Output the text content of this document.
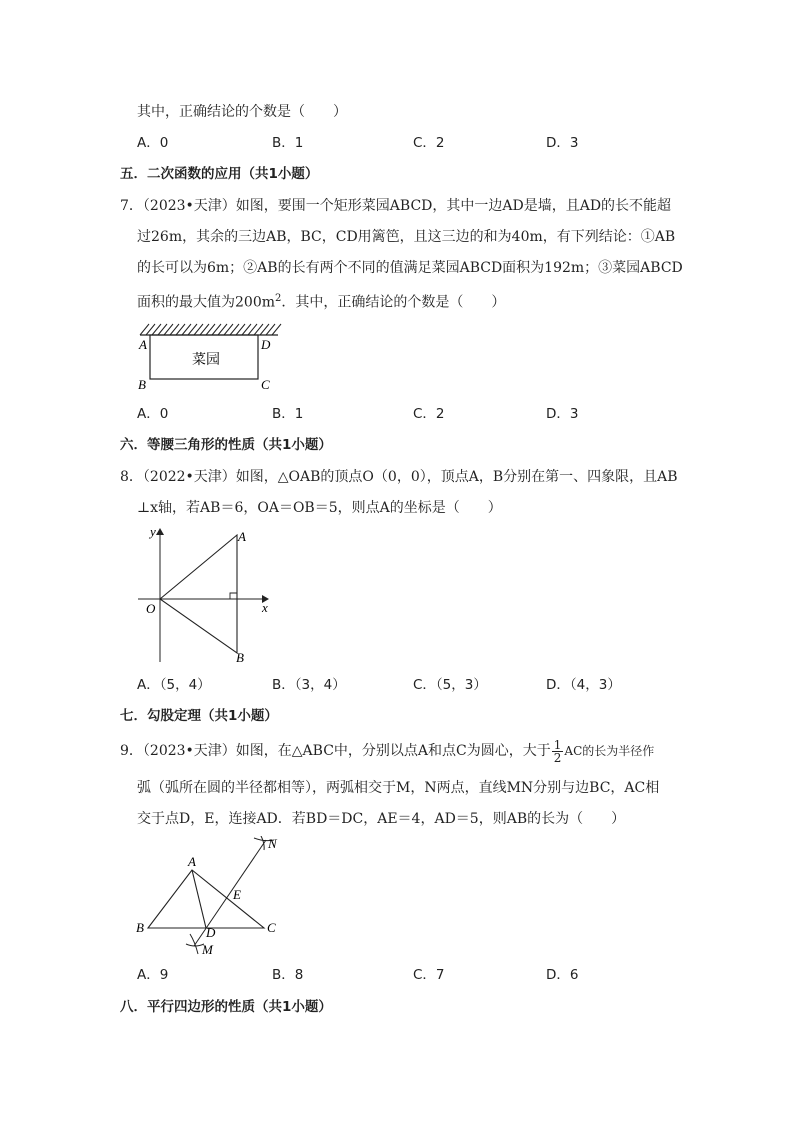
其中，正确结论的个数是（　　）
A．0	B．1	C．2	D．3
五．二次函数的应用（共1小题）
7．（2023•天津）如图，要围一个矩形菜园ABCD，其中一边AD是墙，且AD的长不能超
过26m，其余的三边AB，BC，CD用篱笆，且这三边的和为40m，有下列结论：①AB
的长可以为6m；②AB的长有两个不同的值满足菜园ABCD面积为192m；③菜园ABCD
面积的最大值为$200m^2$．其中，正确结论的个数是（　　）
A	D
B	C
菜园
A．0	B．1	C．2	D．3
六．等腰三角形的性质（共1小题）
8．（2022•天津）如图，△OAB的顶点O（0，0），顶点A，B分别在第一、四象限，且AB
⊥x轴，若AB＝6，OA＝OB＝5，则点A的坐标是（　　）
y
x
O
A
B
A．（5，4）	B．（3，4）	C．（5，3）	D．（4，3）
七．勾股定理（共1小题）
9．（2023•天津）如图，在△ABC中，分别以点A和点C为圆心，大于 $\frac{1}{2}$ AC的长为半径作
弧（弧所在圆的半径都相等），两弧相交于M，N两点，直线MN分别与边BC，AC相
交于点D，E，连接AD．若BD＝DC，AE＝4，AD＝5，则AB的长为（　　）
A
B	C
D
E
M
N
A．9	B．8	C．7	D．6
八．平行四边形的性质（共1小题）
